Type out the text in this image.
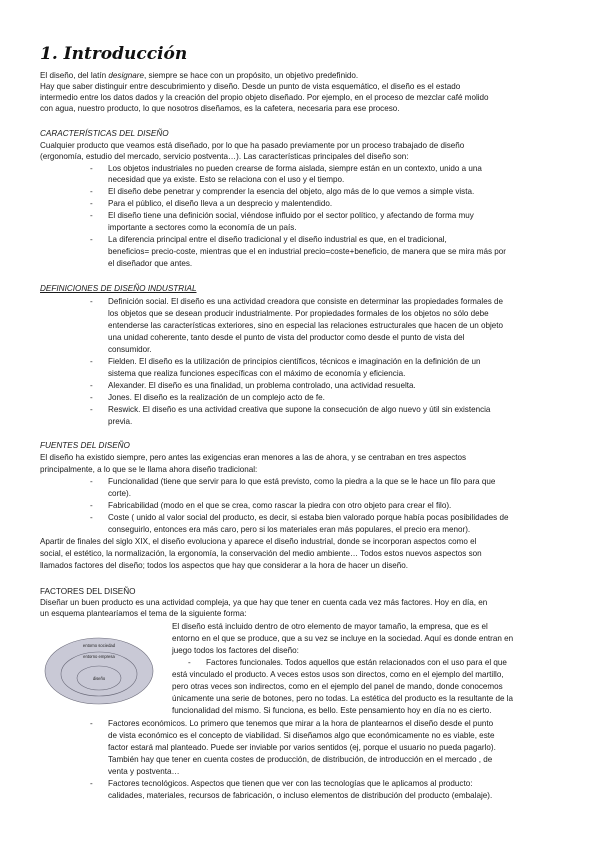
1. Introducción

El diseño, del latín designare, siempre se hace con un propósito, un objetivo predefinido.

Hay que saber distinguir entre descubrimiento y diseño. Desde un punto de vista esquemático, el diseño es el estado

intermedio entre los datos dados y la creación del propio objeto diseñado. Por ejemplo, en el proceso de mezclar café molido

con agua, nuestro producto, lo que nosotros diseñamos, es la cafetera, necesaria para ese proceso.

CARACTERÍSTICAS DEL DISEÑO

Cualquier producto que veamos está diseñado, por lo que ha pasado previamente por un proceso trabajado de diseño

(ergonomía, estudio del mercado, servicio postventa…). Las características principales del diseño son:

- Los objetos industriales no pueden crearse de forma aislada, siempre están en un contexto, unido a una
necesidad que ya existe. Esto se relaciona con el uso y el tiempo.
- El diseño debe penetrar y comprender la esencia del objeto, algo más de lo que vemos a simple vista.
- Para el público, el diseño lleva a un desprecio y malentendido.
- El diseño tiene una definición social, viéndose influido por el sector político, y afectando de forma muy
importante a sectores como la economía de un país.
- La diferencia principal entre el diseño tradicional y el diseño industrial es que, en el tradicional,
beneficios= precio-coste, mientras que el en industrial precio=coste+beneficio, de manera que se mira más por
el diseñador que antes.

DEFINICIONES DE DISEÑO INDUSTRIAL

- Definición social. El diseño es una actividad creadora que consiste en determinar las propiedades formales de
los objetos que se desean producir industrialmente. Por propiedades formales de los objetos no sólo debe
entenderse las características exteriores, sino en especial las relaciones estructurales que hacen de un objeto
una unidad coherente, tanto desde el punto de vista del productor como desde el punto de vista del
consumidor.
- Fielden. El diseño es la utilización de principios científicos, técnicos e imaginación en la definición de un
sistema que realiza funciones específicas con el máximo de economía y eficiencia.
- Alexander. El diseño es una finalidad, un problema controlado, una actividad resuelta.
- Jones. El diseño es la realización de un complejo acto de fe.
- Reswick. El diseño es una actividad creativa que supone la consecución de algo nuevo y útil sin existencia
previa.

FUENTES DEL DISEÑO

El diseño ha existido siempre, pero antes las exigencias eran menores a las de ahora, y se centraban en tres aspectos

principalmente, a lo que se le llama ahora diseño tradicional:

- Funcionalidad (tiene que servir para lo que está previsto, como la piedra a la que se le hace un filo para que
corte).
- Fabricabilidad (modo en el que se crea, como rascar la piedra con otro objeto para crear el filo).
- Coste ( unido al valor social del producto, es decir, si estaba bien valorado porque había pocas posibilidades de
conseguirlo, entonces era más caro, pero si los materiales eran más populares, el precio era menor).

Apartir de finales del siglo XIX, el diseño evoluciona y aparece el diseño industrial, donde se incorporan aspectos como el

social, el estético, la normalización, la ergonomía, la conservación del medio ambiente… Todos estos nuevos aspectos son

llamados factores del diseño; todos los aspectos que hay que considerar a la hora de hacer un diseño.

FACTORES DEL DISEÑO

Diseñar un buen producto es una actividad compleja, ya que hay que tener en cuenta cada vez más factores. Hoy en día, en

un esquema plantearíamos el tema de la siguiente forma:

entorno sociedad
entorno empresa
diseño

El diseño está incluido dentro de otro elemento de mayor tamaño, la empresa, que es el

entorno en el que se produce, que a su vez se incluye en la sociedad. Aquí es donde entran en

juego todos los factores del diseño:

- Factores funcionales. Todos aquellos que están relacionados con el uso para el que

está vinculado el producto. A veces estos usos son directos, como en el ejemplo del martillo,

pero otras veces son indirectos, como en el ejemplo del panel de mando, donde conocemos

únicamente una serie de botones, pero no todas. La estética del producto es la resultante de la

funcionalidad del mismo. Si funciona, es bello. Este pensamiento hoy en día no es cierto.

- Factores económicos. Lo primero que tenemos que mirar a la hora de plantearnos el diseño desde el punto
de vista económico es el concepto de viabilidad. Si diseñamos algo que económicamente no es viable, este
factor estará mal planteado. Puede ser inviable por varios sentidos (ej, porque el usuario no pueda pagarlo).
También hay que tener en cuenta costes de producción, de distribución, de introducción en el mercado , de
venta y postventa…
- Factores tecnológicos. Aspectos que tienen que ver con las tecnologías que le aplicamos al producto:
calidades, materiales, recursos de fabricación, o incluso elementos de distribución del producto (embalaje).
